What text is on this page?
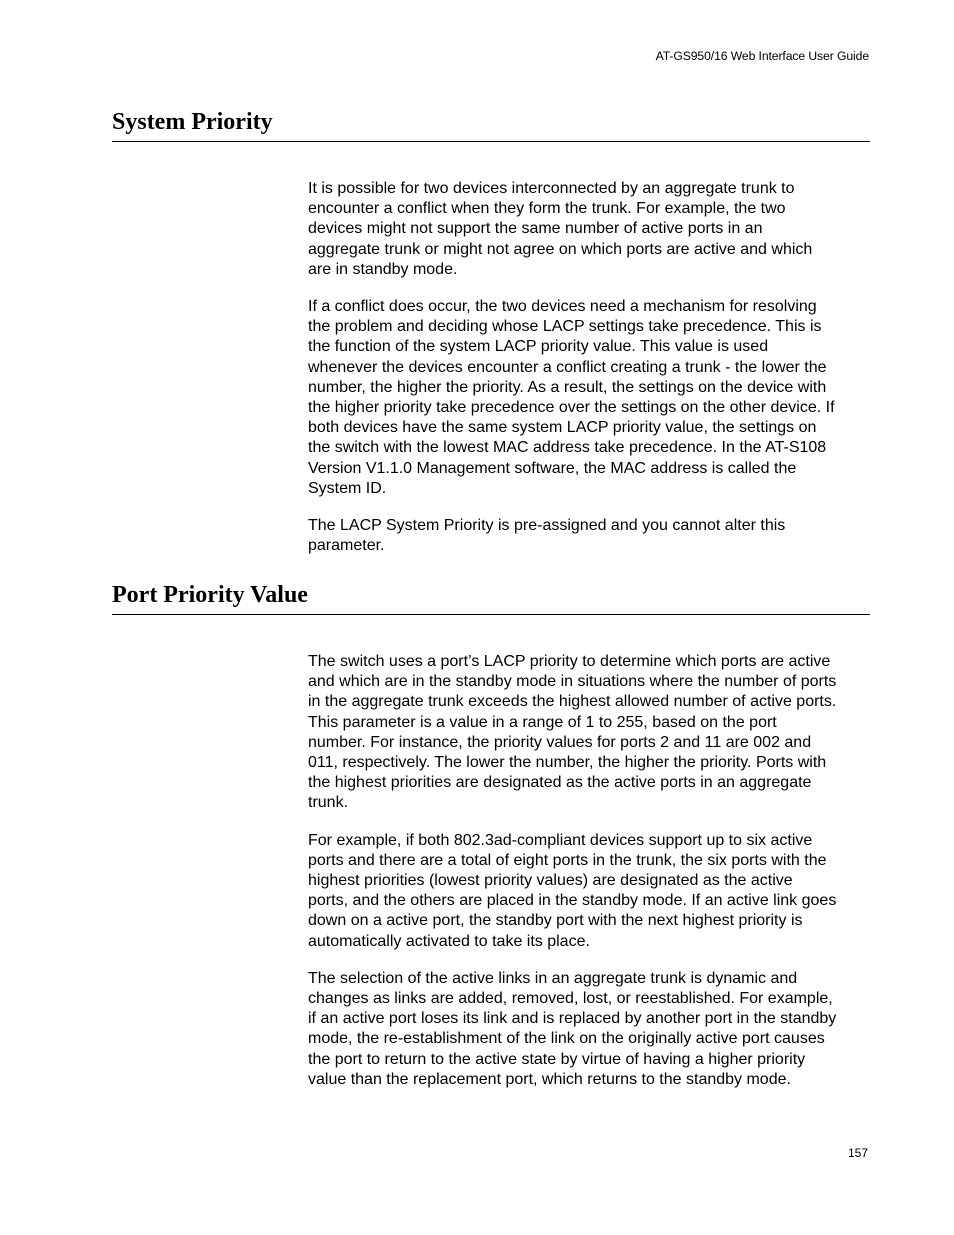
AT-GS950/16 Web Interface User Guide
System Priority

It is possible for two devices interconnected by an aggregate trunk to
encounter a conflict when they form the trunk. For example, the two
devices might not support the same number of active ports in an
aggregate trunk or might not agree on which ports are active and which
are in standby mode.

If a conflict does occur, the two devices need a mechanism for resolving
the problem and deciding whose LACP settings take precedence. This is
the function of the system LACP priority value. This value is used
whenever the devices encounter a conflict creating a trunk - the lower the
number, the higher the priority. As a result, the settings on the device with
the higher priority take precedence over the settings on the other device. If
both devices have the same system LACP priority value, the settings on
the switch with the lowest MAC address take precedence. In the AT-S108
Version V1.1.0 Management software, the MAC address is called the
System ID.

The LACP System Priority is pre-assigned and you cannot alter this
parameter.

Port Priority Value

The switch uses a port’s LACP priority to determine which ports are active
and which are in the standby mode in situations where the number of ports
in the aggregate trunk exceeds the highest allowed number of active ports.
This parameter is a value in a range of 1 to 255, based on the port
number. For instance, the priority values for ports 2 and 11 are 002 and
011, respectively. The lower the number, the higher the priority. Ports with
the highest priorities are designated as the active ports in an aggregate
trunk.

For example, if both 802.3ad-compliant devices support up to six active
ports and there are a total of eight ports in the trunk, the six ports with the
highest priorities (lowest priority values) are designated as the active
ports, and the others are placed in the standby mode. If an active link goes
down on a active port, the standby port with the next highest priority is
automatically activated to take its place.

The selection of the active links in an aggregate trunk is dynamic and
changes as links are added, removed, lost, or reestablished. For example,
if an active port loses its link and is replaced by another port in the standby
mode, the re-establishment of the link on the originally active port causes
the port to return to the active state by virtue of having a higher priority
value than the replacement port, which returns to the standby mode.

157
